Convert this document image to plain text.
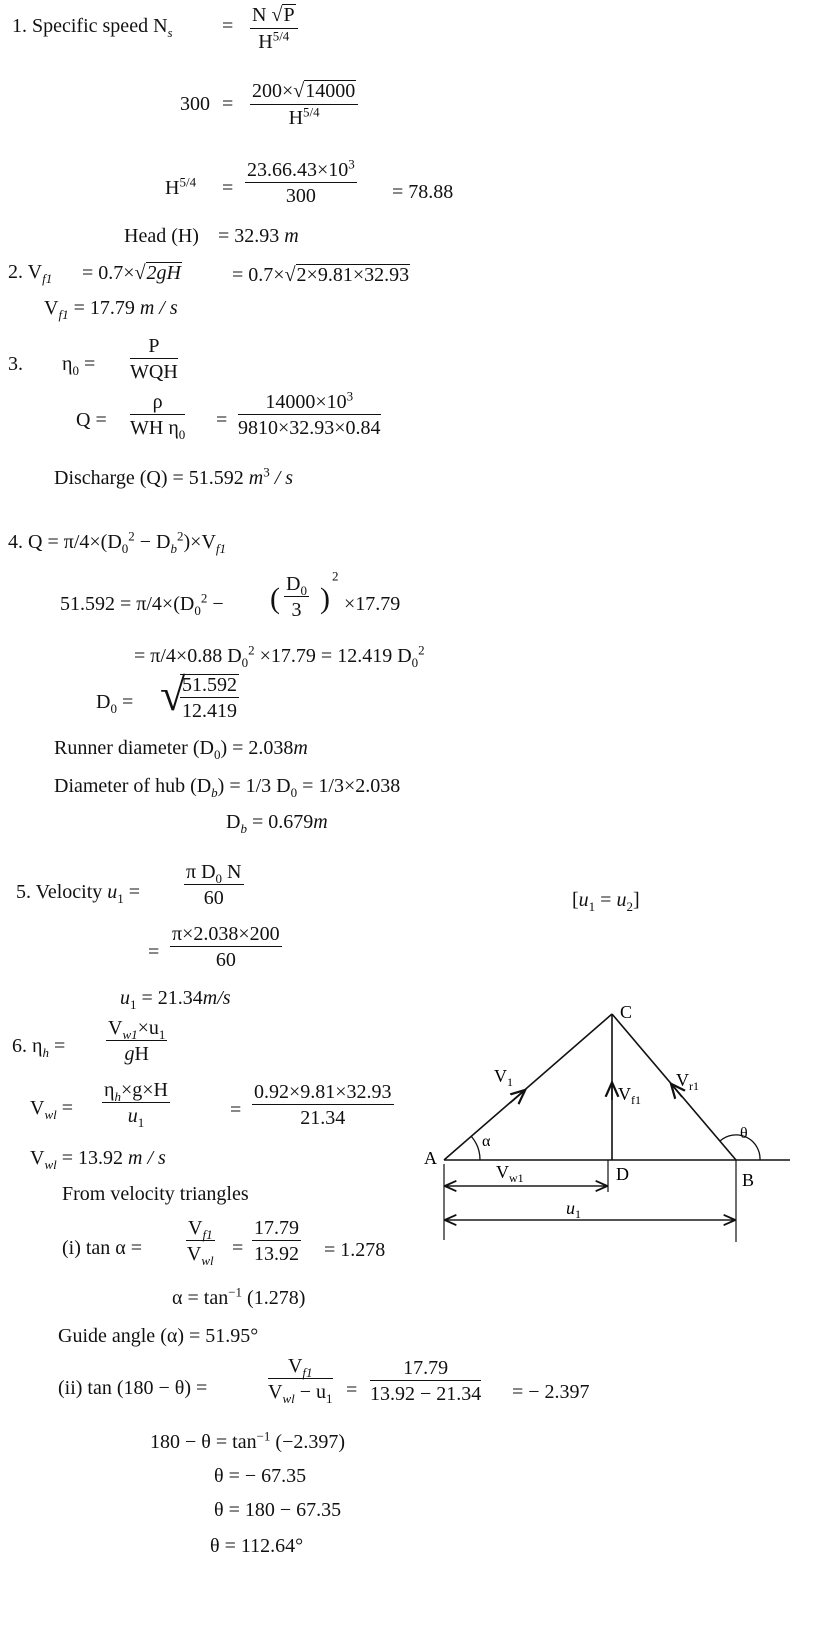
1. Specific speed $N_s = \frac{N √P}{H^{5/4}}$
$300 = \frac{200\times√14000}{H^{5/4}}$
$H^{5/4} = \frac{23.66.43\times 10^3}{300} = 78.88$
Head (H) = 32.93 m
2. $V_{f1} = 0.7\times√2gH$	= 0.7×√2×9.81×32.93
$V_{f1} = 17.79$ m / s
3. $\eta_0$ =
P
WQH
$Q = \frac{\rho}{WH \eta_0} = \frac{14000\times 10^3}{9810\times 32.93\times 0.84}$
Discharge (Q) = 51.592 $m^3$ / s
4. $Q = \pi/4\times(D_0^2 - D_b^2)\times V_{f1}$
$51.592 = \pi/4\times(D_0^2$ − ( $\frac{D_0}{3}$ )
$^2$
×17.79
= π/4×0.88 $D_0^2 \times 17.79 = 12.419$ $D_0^2$
$D_0$ = √
$\frac{51.592}{12.419}$
Runner diameter $(D_0) = 2.038m$
Diameter of hub $(D_b) = 1/3$ $D_0 = 1/3\times 2.038$
$D_b = 0.679m$
5. Velocity $u_1 = \frac{\pi D_0 N}{60}$	$[u_1 = u_2]$
= $\frac{\pi\times 2.038\times 200}{60}$
$u_1 = 21.34m/s$
6. $\eta_h = \frac{V_{w1}\times u_1}{gH}$
$V_{wl} = \frac{\eta_h\times g\times H}{u_1}$	= $\frac{0.92\times 9.81\times 32.93}{21.34}$
$V_{wl} = 13.92$ m / s
From velocity triangles
(i) tan α =
$V_{f1}$
$V_{wl}$
= $\frac{17.79}{13.92} = 1.278$
$\alpha = \tan^{-1} (1.278)$
Guide angle (α) = 51.95°
(ii) tan (180 − θ) =
$V_{f1}$
$V_{wl} - u_1 = \frac{17.79}{13.92 - 21.34}$ = − 2.397
$180 - \theta = \tan^{-1} (-2.397)$
θ = − 67.35
θ = 180 − 67.35
θ = 112.64°
A
B
C
D
$V_1$
$V_{f1}$
$V_{r1}$
$V_{w1}$
$u_1$
α	θ
